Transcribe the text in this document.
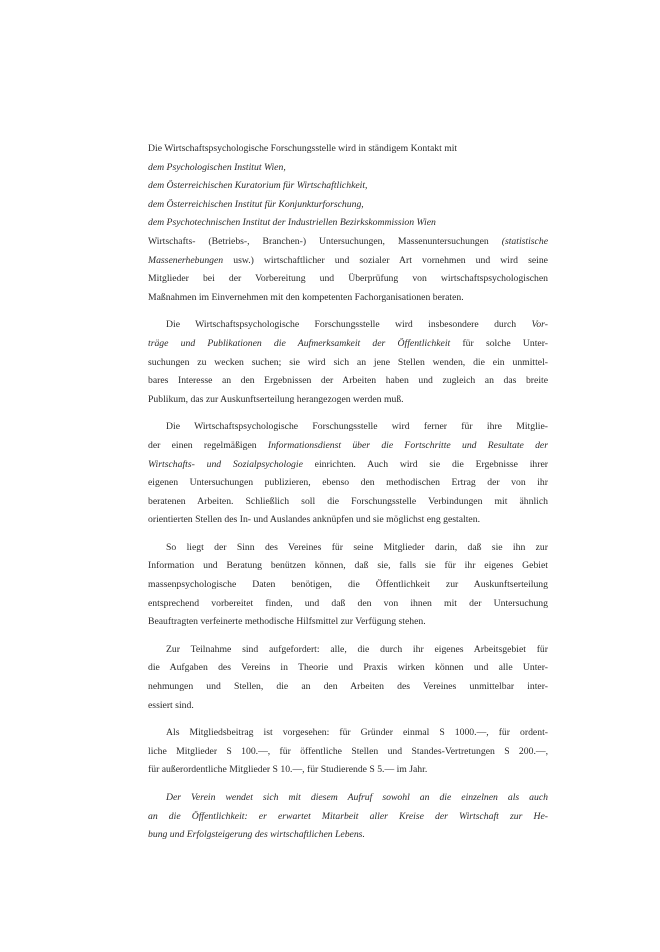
Die Wirtschaftspsychologische Forschungsstelle wird in ständigem Kontakt mit
dem Psychologischen Institut Wien,
dem Österreichischen Kuratorium für Wirtschaftlichkeit,
dem Österreichischen Institut für Konjunkturforschung,
dem Psychotechnischen Institut der Industriellen Bezirkskommission Wien
Wirtschafts- (Betriebs-, Branchen-) Untersuchungen, Massenuntersuchungen (statistische
Massenerhebungen usw.) wirtschaftlicher und sozialer Art vornehmen und wird seine
Mitglieder bei der Vorbereitung und Überprüfung von wirtschaftspsychologischen
Maßnahmen im Einvernehmen mit den kompetenten Fachorganisationen beraten.
Die Wirtschaftspsychologische Forschungsstelle wird insbesondere durch Vor-
träge und Publikationen die Aufmerksamkeit der Öffentlichkeit für solche Unter-
suchungen zu wecken suchen; sie wird sich an jene Stellen wenden, die ein unmittel-
bares Interesse an den Ergebnissen der Arbeiten haben und zugleich an das breite
Publikum, das zur Auskunftserteilung herangezogen werden muß.
Die Wirtschaftspsychologische Forschungsstelle wird ferner für ihre Mitglie-
der einen regelmäßigen Informationsdienst über die Fortschritte und Resultate der
Wirtschafts- und Sozialpsychologie einrichten. Auch wird sie die Ergebnisse ihrer
eigenen Untersuchungen publizieren, ebenso den methodischen Ertrag der von ihr
beratenen Arbeiten. Schließlich soll die Forschungsstelle Verbindungen mit ähnlich
orientierten Stellen des In- und Auslandes anknüpfen und sie möglichst eng gestalten.
So liegt der Sinn des Vereines für seine Mitglieder darin, daß sie ihn zur
Information und Beratung benützen können, daß sie, falls sie für ihr eigenes Gebiet
massenpsychologische Daten benötigen, die Öffentlichkeit zur Auskunftserteilung
entsprechend vorbereitet finden, und daß den von ihnen mit der Untersuchung
Beauftragten verfeinerte methodische Hilfsmittel zur Verfügung stehen.
Zur Teilnahme sind aufgefordert: alle, die durch ihr eigenes Arbeitsgebiet für
die Aufgaben des Vereins in Theorie und Praxis wirken können und alle Unter-
nehmungen und Stellen, die an den Arbeiten des Vereines unmittelbar inter-
essiert sind.
Als Mitgliedsbeitrag ist vorgesehen: für Gründer einmal S 1000.—, für ordent-
liche Mitglieder S 100.—, für öffentliche Stellen und Standes-Vertretungen S 200.—,
für außerordentliche Mitglieder S 10.—, für Studierende S 5.— im Jahr.
Der Verein wendet sich mit diesem Aufruf sowohl an die einzelnen als auch
an die Öffentlichkeit: er erwartet Mitarbeit aller Kreise der Wirtschaft zur He-
bung und Erfolgsteigerung des wirtschaftlichen Lebens.
